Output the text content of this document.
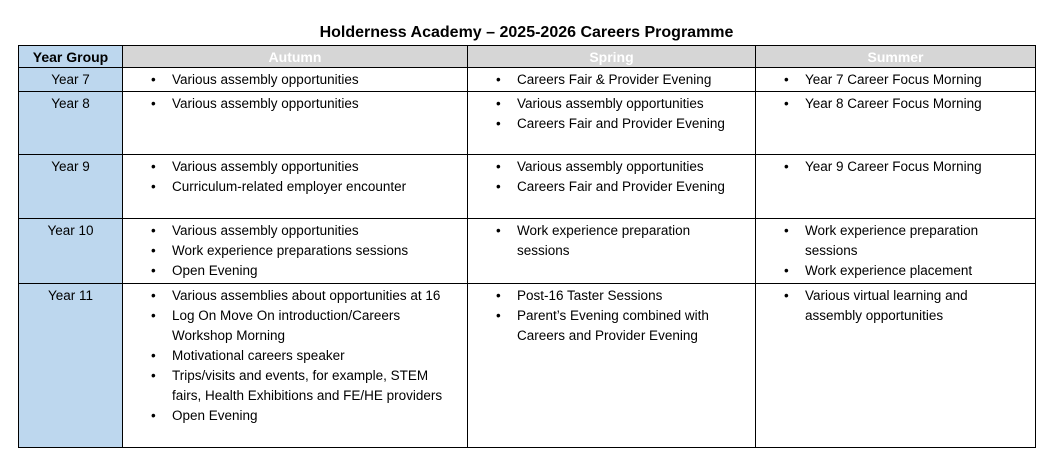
Holderness Academy – 2025-2026 Careers Programme
Year Group	Autumn	Spring	Summer
Year 7	
•Various assembly opportunities

•Careers Fair & Provider Evening

•Year 7 Career Focus Morning

Year 8	
•Various assembly opportunities

•Various assembly opportunities
• Careers Fair and Provider Evening

• Year 8 Career Focus Morning

Year 9	
•Various assembly opportunities
• Curriculum-related employer encounter

• Various assembly opportunities
• Careers Fair and Provider Evening

• Year 9 Career Focus Morning

Year 10	
•Various assembly opportunities
• Work experience preparations sessions
• Open Evening

• Work experience preparation sessions

• Work experience preparation sessions
• Work experience placement

Year 11	
•Various assemblies about opportunities at 16
• Log On Move On introduction/Careers Workshop Morning
• Motivational careers speaker
• Trips/visits and events, for example, STEM fairs, Health Exhibitions and FE/HE providers
• Open Evening

• Post-16 Taster Sessions
• Parent’s Evening combined with Careers and Provider Evening

• Various virtual learning and assembly opportunities
